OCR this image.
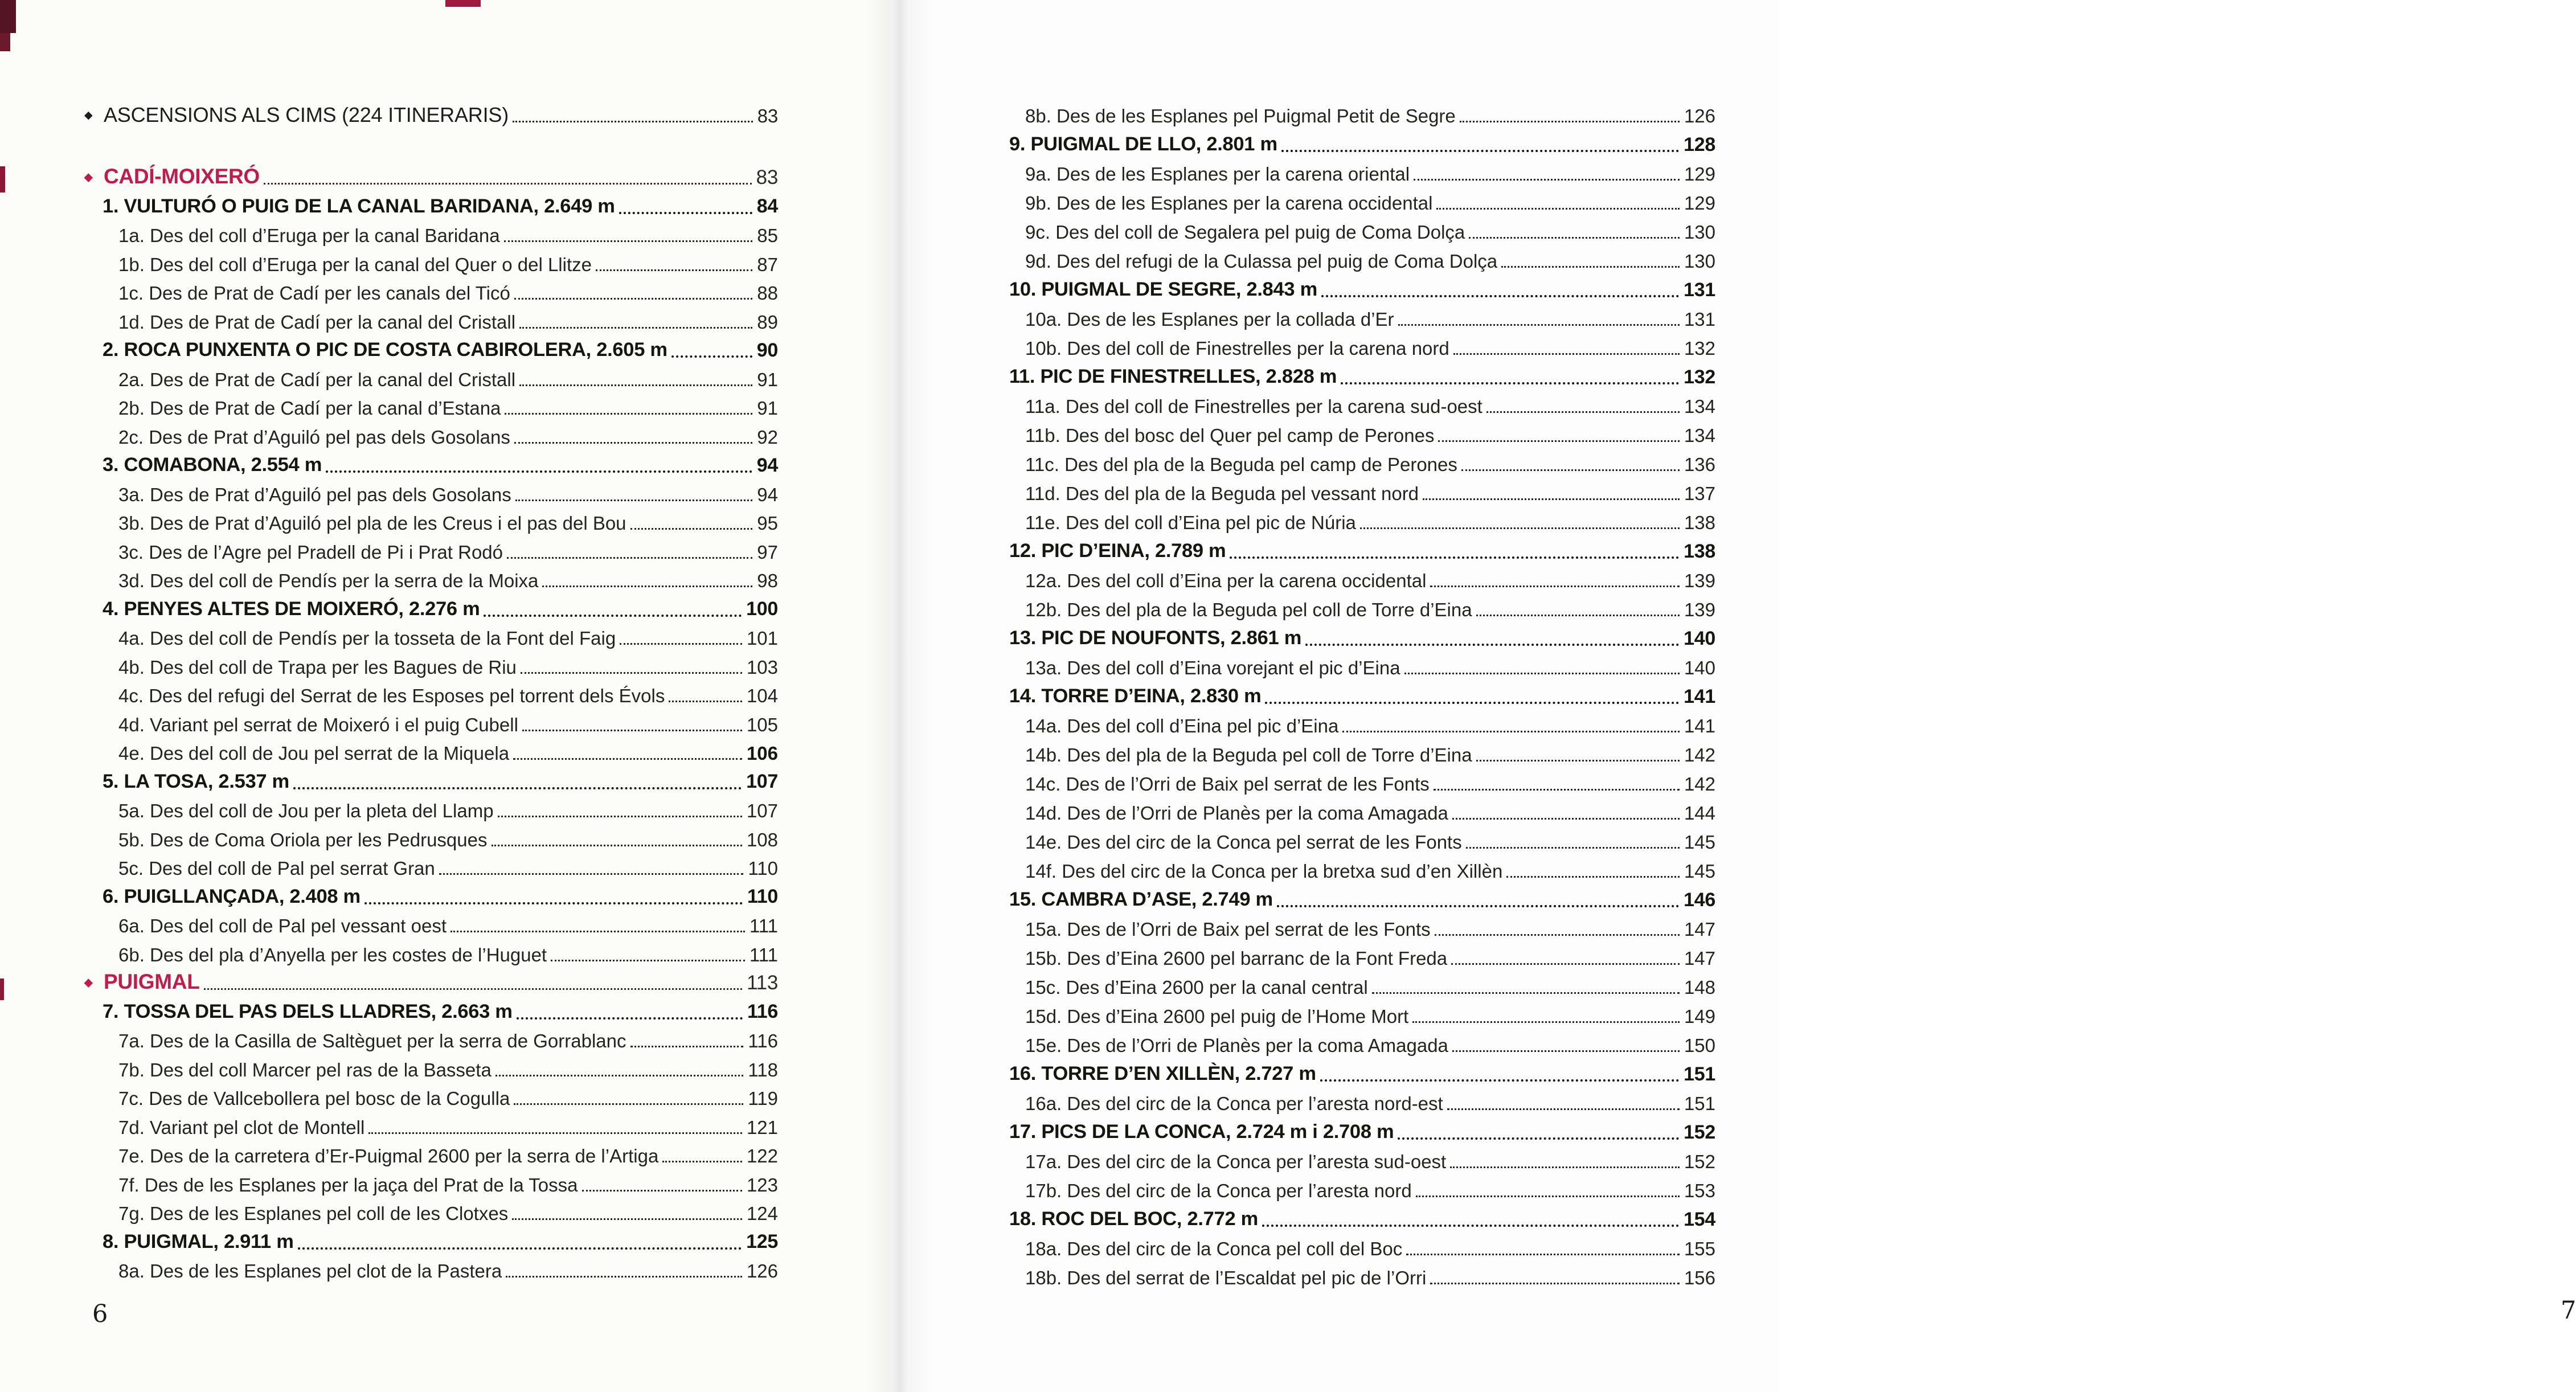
◆ ASCENSIONS ALS CIMS (224 ITINERARIS)	83
◆ CADÍ-MOIXERÓ	83
1. VULTURÓ O PUIG DE LA CANAL BARIDANA, 2.649 m	84
1a. Des del coll d’Eruga per la canal Baridana	85
1b. Des del coll d’Eruga per la canal del Quer o del Llitze	87
1c. Des de Prat de Cadí per les canals del Ticó	88
1d. Des de Prat de Cadí per la canal del Cristall	89
2. ROCA PUNXENTA O PIC DE COSTA CABIROLERA, 2.605 m	90
2a. Des de Prat de Cadí per la canal del Cristall	91
2b. Des de Prat de Cadí per la canal d’Estana	91
2c. Des de Prat d’Aguiló pel pas dels Gosolans	92
3. COMABONA, 2.554 m	94
3a. Des de Prat d’Aguiló pel pas dels Gosolans	94
3b. Des de Prat d’Aguiló pel pla de les Creus i el pas del Bou	95
3c. Des de l’Agre pel Pradell de Pi i Prat Rodó	97
3d. Des del coll de Pendís per la serra de la Moixa	98
4. PENYES ALTES DE MOIXERÓ, 2.276 m	100
4a. Des del coll de Pendís per la tosseta de la Font del Faig	101
4b. Des del coll de Trapa per les Bagues de Riu	103
4c. Des del refugi del Serrat de les Esposes pel torrent dels Évols	104
4d. Variant pel serrat de Moixeró i el puig Cubell	105
4e. Des del coll de Jou pel serrat de la Miquela	106
5. LA TOSA, 2.537 m	107
5a. Des del coll de Jou per la pleta del Llamp	107
5b. Des de Coma Oriola per les Pedrusques	108
5c. Des del coll de Pal pel serrat Gran	110
6. PUIGLLANÇADA, 2.408 m	110
6a. Des del coll de Pal pel vessant oest	111
6b. Des del pla d’Anyella per les costes de l’Huguet	111
◆ PUIGMAL	113
7. TOSSA DEL PAS DELS LLADRES, 2.663 m	116
7a. Des de la Casilla de Saltèguet per la serra de Gorrablanc	116
7b. Des del coll Marcer pel ras de la Basseta	118
7c. Des de Vallcebollera pel bosc de la Cogulla	119
7d. Variant pel clot de Montell	121
7e. Des de la carretera d’Er-Puigmal 2600 per la serra de l’Artiga	122
7f. Des de les Esplanes per la jaça del Prat de la Tossa	123
7g. Des de les Esplanes pel coll de les Clotxes	124
8. PUIGMAL, 2.911 m	125
8a. Des de les Esplanes pel clot de la Pastera	126
6
8b. Des de les Esplanes pel Puigmal Petit de Segre	126
9. PUIGMAL DE LLO, 2.801 m	128
9a. Des de les Esplanes per la carena oriental	129
9b. Des de les Esplanes per la carena occidental	129
9c. Des del coll de Segalera pel puig de Coma Dolça	130
9d. Des del refugi de la Culassa pel puig de Coma Dolça	130
10. PUIGMAL DE SEGRE, 2.843 m	131
10a. Des de les Esplanes per la collada d’Er	131
10b. Des del coll de Finestrelles per la carena nord	132
11. PIC DE FINESTRELLES, 2.828 m	132
11a. Des del coll de Finestrelles per la carena sud-oest	134
11b. Des del bosc del Quer pel camp de Perones	134
11c. Des del pla de la Beguda pel camp de Perones	136
11d. Des del pla de la Beguda pel vessant nord	137
11e. Des del coll d’Eina pel pic de Núria	138
12. PIC D’EINA, 2.789 m	138
12a. Des del coll d’Eina per la carena occidental	139
12b. Des del pla de la Beguda pel coll de Torre d’Eina	139
13. PIC DE NOUFONTS, 2.861 m	140
13a. Des del coll d’Eina vorejant el pic d’Eina	140
14. TORRE D’EINA, 2.830 m	141
14a. Des del coll d’Eina pel pic d’Eina	141
14b. Des del pla de la Beguda pel coll de Torre d’Eina	142
14c. Des de l’Orri de Baix pel serrat de les Fonts	142
14d. Des de l’Orri de Planès per la coma Amagada	144
14e. Des del circ de la Conca pel serrat de les Fonts	145
14f. Des del circ de la Conca per la bretxa sud d’en Xillèn	145
15. CAMBRA D’ASE, 2.749 m	146
15a. Des de l’Orri de Baix pel serrat de les Fonts	147
15b. Des d’Eina 2600 pel barranc de la Font Freda	147
15c. Des d’Eina 2600 per la canal central	148
15d. Des d’Eina 2600 pel puig de l’Home Mort	149
15e. Des de l’Orri de Planès per la coma Amagada	150
16. TORRE D’EN XILLÈN, 2.727 m	151
16a. Des del circ de la Conca per l’aresta nord-est	151
17. PICS DE LA CONCA, 2.724 m i 2.708 m	152
17a. Des del circ de la Conca per l’aresta sud-oest	152
17b. Des del circ de la Conca per l’aresta nord	153
18. ROC DEL BOC, 2.772 m	154
18a. Des del circ de la Conca pel coll del Boc	155
18b. Des del serrat de l’Escaldat pel pic de l’Orri	156
7
